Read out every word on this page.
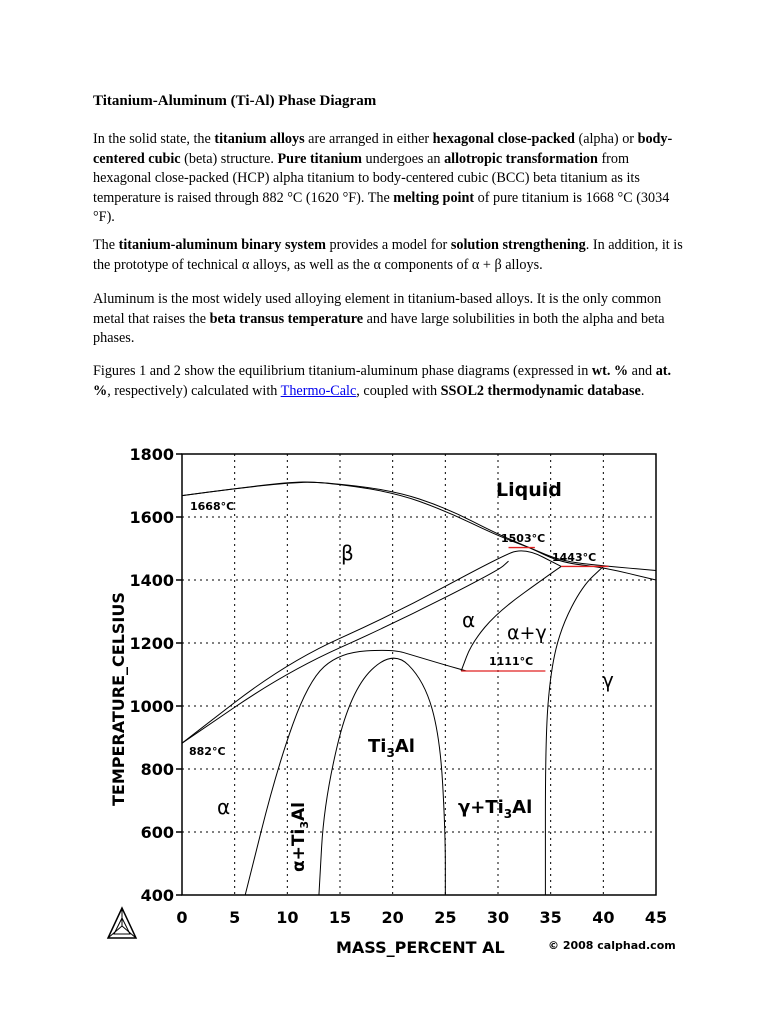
Titanium-Aluminum (Ti-Al) Phase Diagram

In the solid state, the titanium alloys are arranged in either hexagonal close-packed (alpha) or body-centered cubic (beta) structure. Pure titanium undergoes an allotropic transformation from hexagonal close-packed (HCP) alpha titanium to body-centered cubic (BCC) beta titanium as its temperature is raised through 882 °C (1620 °F). The melting point of pure titanium is 1668 °C (3034 °F).

The titanium-aluminum binary system provides a model for solution strengthening. In addition, it is the prototype of technical α alloys, as well as the α components of α + β alloys.

Aluminum is the most widely used alloying element in titanium-based alloys. It is the only common metal that raises the beta transus temperature and have large solubilities in both the alpha and beta phases.

Figures 1 and 2 show the equilibrium titanium-aluminum phase diagrams (expressed in wt. % and at. %, respectively) calculated with Thermo-Calc, coupled with SSOL2 thermodynamic database.

0	5 10 15 20 25 30 35 40 45
400
600
800
1000
1200
1400
1600
1800
MASS_PERCENT AL
TEMPERATURE_CELSIUS
© 2008 calphad.com
1668°C
882°C
1503°C
1443°C
1111°C
Liquid
β
α
α+γ
γ
$Ti_3Al$
α
$\alpha+Ti_3Al$	$\gamma+Ti_3Al$
